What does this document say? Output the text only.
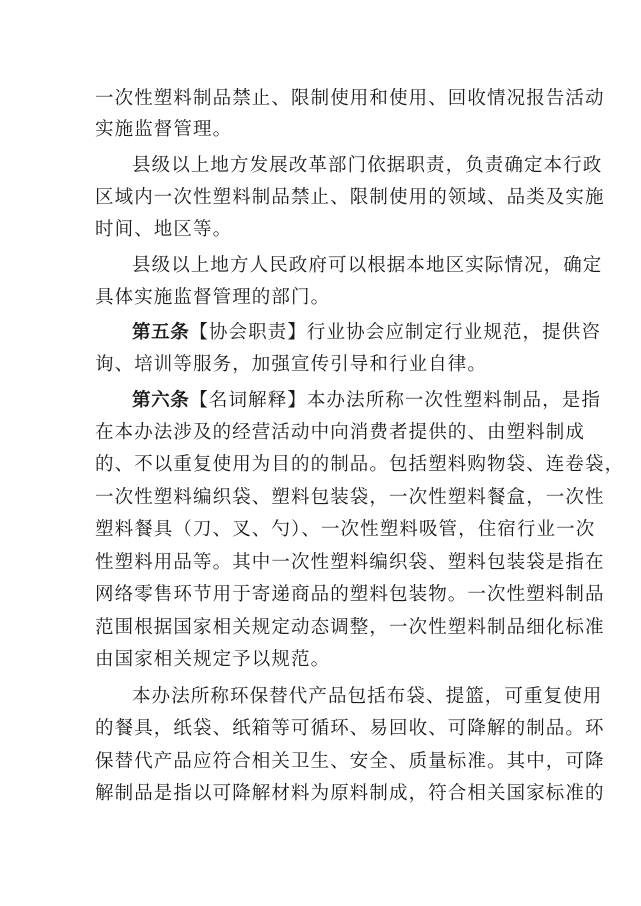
一次性塑料制品禁止、限制使用和使用、回收情况报告活动
实施监督管理。
县级以上地方发展改革部门依据职责，负责确定本行政
区域内一次性塑料制品禁止、限制使用的领域、品类及实施
时间、地区等。
县级以上地方人民政府可以根据本地区实际情况，确定
具体实施监督管理的部门。
第五条【协会职责】行业协会应制定行业规范，提供咨
询、培训等服务，加强宣传引导和行业自律。
第六条【名词解释】本办法所称一次性塑料制品，是指
在本办法涉及的经营活动中向消费者提供的、由塑料制成
的、不以重复使用为目的的制品。包括塑料购物袋、连卷袋，
一次性塑料编织袋、塑料包装袋，一次性塑料餐盒，一次性
塑料餐具（刀、叉、勺）、一次性塑料吸管，住宿行业一次
性塑料用品等。其中一次性塑料编织袋、塑料包装袋是指在
网络零售环节用于寄递商品的塑料包装物。一次性塑料制品
范围根据国家相关规定动态调整，一次性塑料制品细化标准
由国家相关规定予以规范。
本办法所称环保替代产品包括布袋、提篮，可重复使用
的餐具，纸袋、纸箱等可循环、易回收、可降解的制品。环
保替代产品应符合相关卫生、安全、质量标准。其中，可降
解制品是指以可降解材料为原料制成，符合相关国家标准的
